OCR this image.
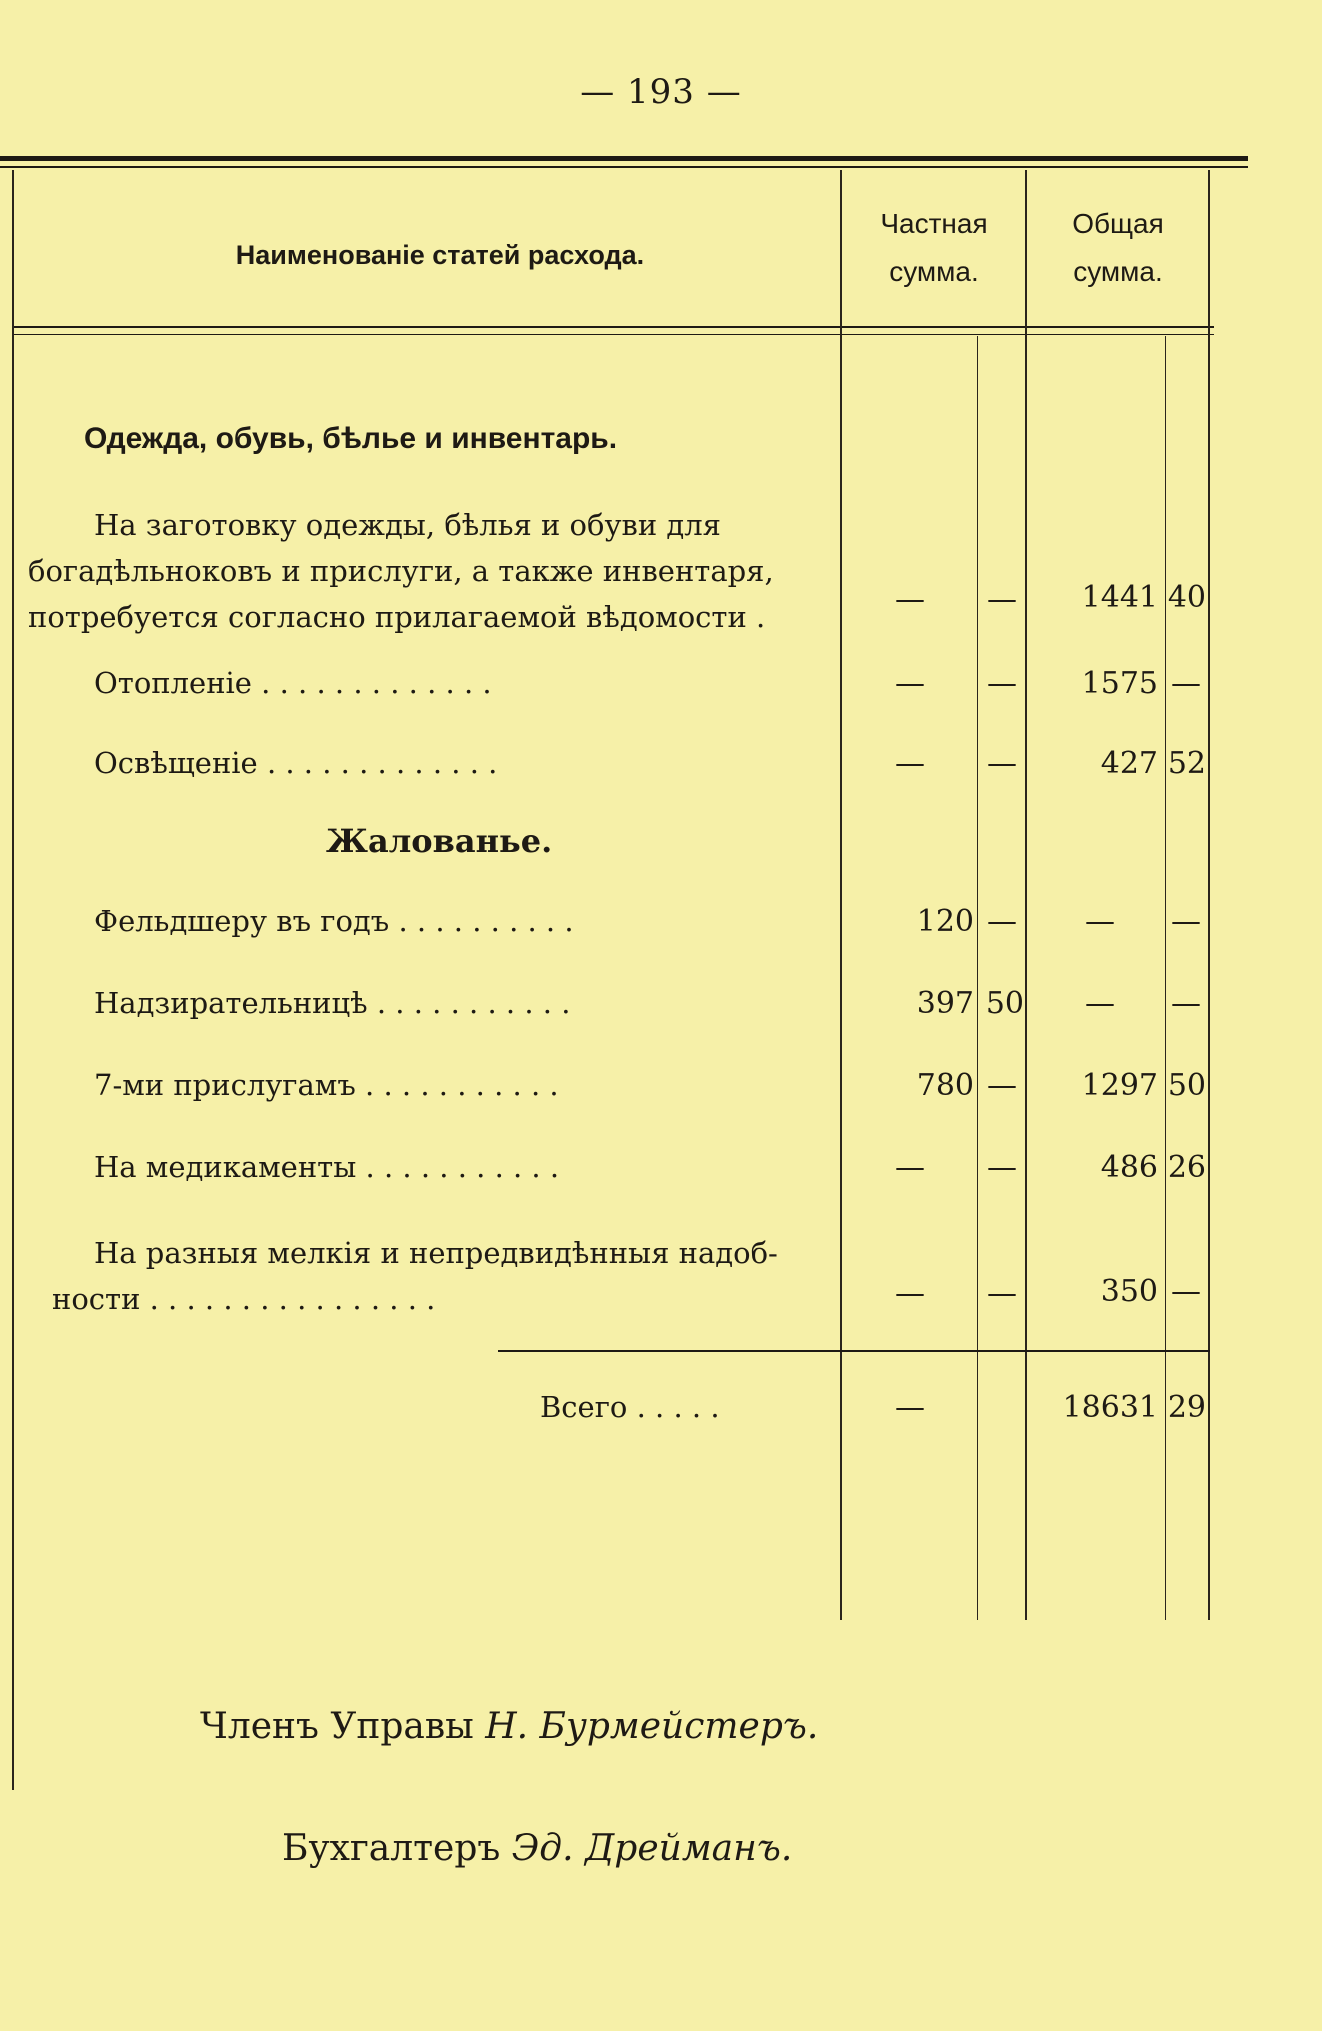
— 193 —
Наименованіе статей расхода.
Частная
сумма.
Общая
сумма.
Одежда, обувь, бѣлье и инвентарь.
На заготовку одежды, бѣлья и обуви для
богадѣльноковъ и прислуги, а также инвентаря,
потребуется согласно прилагаемой вѣдомости .	—	—	1441 40
Отопленіе . . . . . . . . . . . . .	—	—	1575 —
Освѣщеніе . . . . . . . . . . . . .	—	—	427 52
Жалованье.
Фельдшеру въ годъ . . . . . . . . . .	120 —	—	—
Надзирательницѣ . . . . . . . . . . .	397 50	—	—
7-ми прислугамъ . . . . . . . . . . .	780 —	1297 50
На медикаменты . . . . . . . . . . .	—	—	486 26
На разныя мелкія и непредвидѣнныя надоб-
ности . . . . . . . . . . . . . . . .	—	—	350 —
Всего . . . . .	—	18631 29
Членъ Управы Н. Бурмейстеръ.
Бухгалтеръ Эд. Дрейманъ.
